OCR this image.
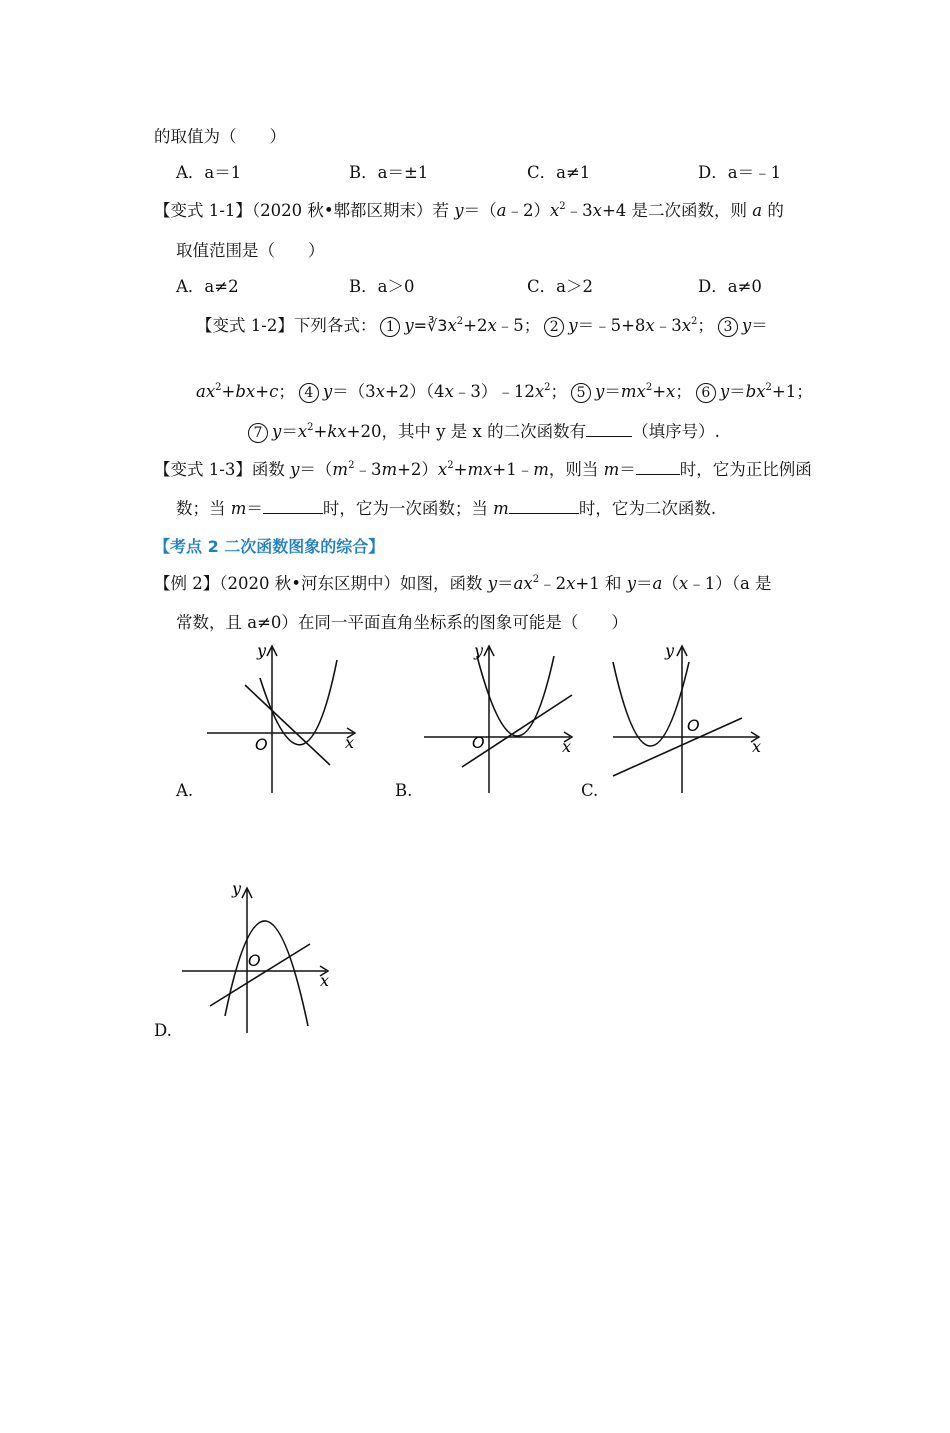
的取值为（　　）
A．a＝1	B．a＝±1	C．a≠1	D．a＝﹣1
【变式 1-1】（2020 秋•郫都区期末）若 $y=(a﹣2)x^2﹣3x+4$ 是二次函数，则 a 的
取值范围是（　　）
A．a≠2	B．a＞0	C．a＞2	D．a≠0
【变式 1-2】下列各式： 1 $y=∛3x^2+2x﹣5$； 2 $y=﹣5+8x﹣3x^2$； 3 y＝
$ax^2+bx+c$； 4 $y=(3x+2)(4x﹣3)﹣12x^2$； 5 $y=mx^2+x$； 6 $y=bx^2+1$；
7 $y=x^2+kx+20$，其中 y 是 x 的二次函数有	（填序号）.
【变式 1-3】函数 $y=(m^2﹣3m+2)x^2+mx+1﹣m$，则当 m＝	时，它为正比例函
数；当 m＝	时，它为一次函数；当 m	时，它为二次函数.
【考点 2 二次函数图象的综合】
【例 2】（2020 秋•河东区期中）如图，函数 $y=ax^2﹣2x+1$ 和 y＝a（x﹣1）（a 是
常数，且 a≠0）在同一平面直角坐标系的图象可能是（　　）
x
y
O
A.
x
y
O
B.
x
y
O
C.
x
y
O
D.
